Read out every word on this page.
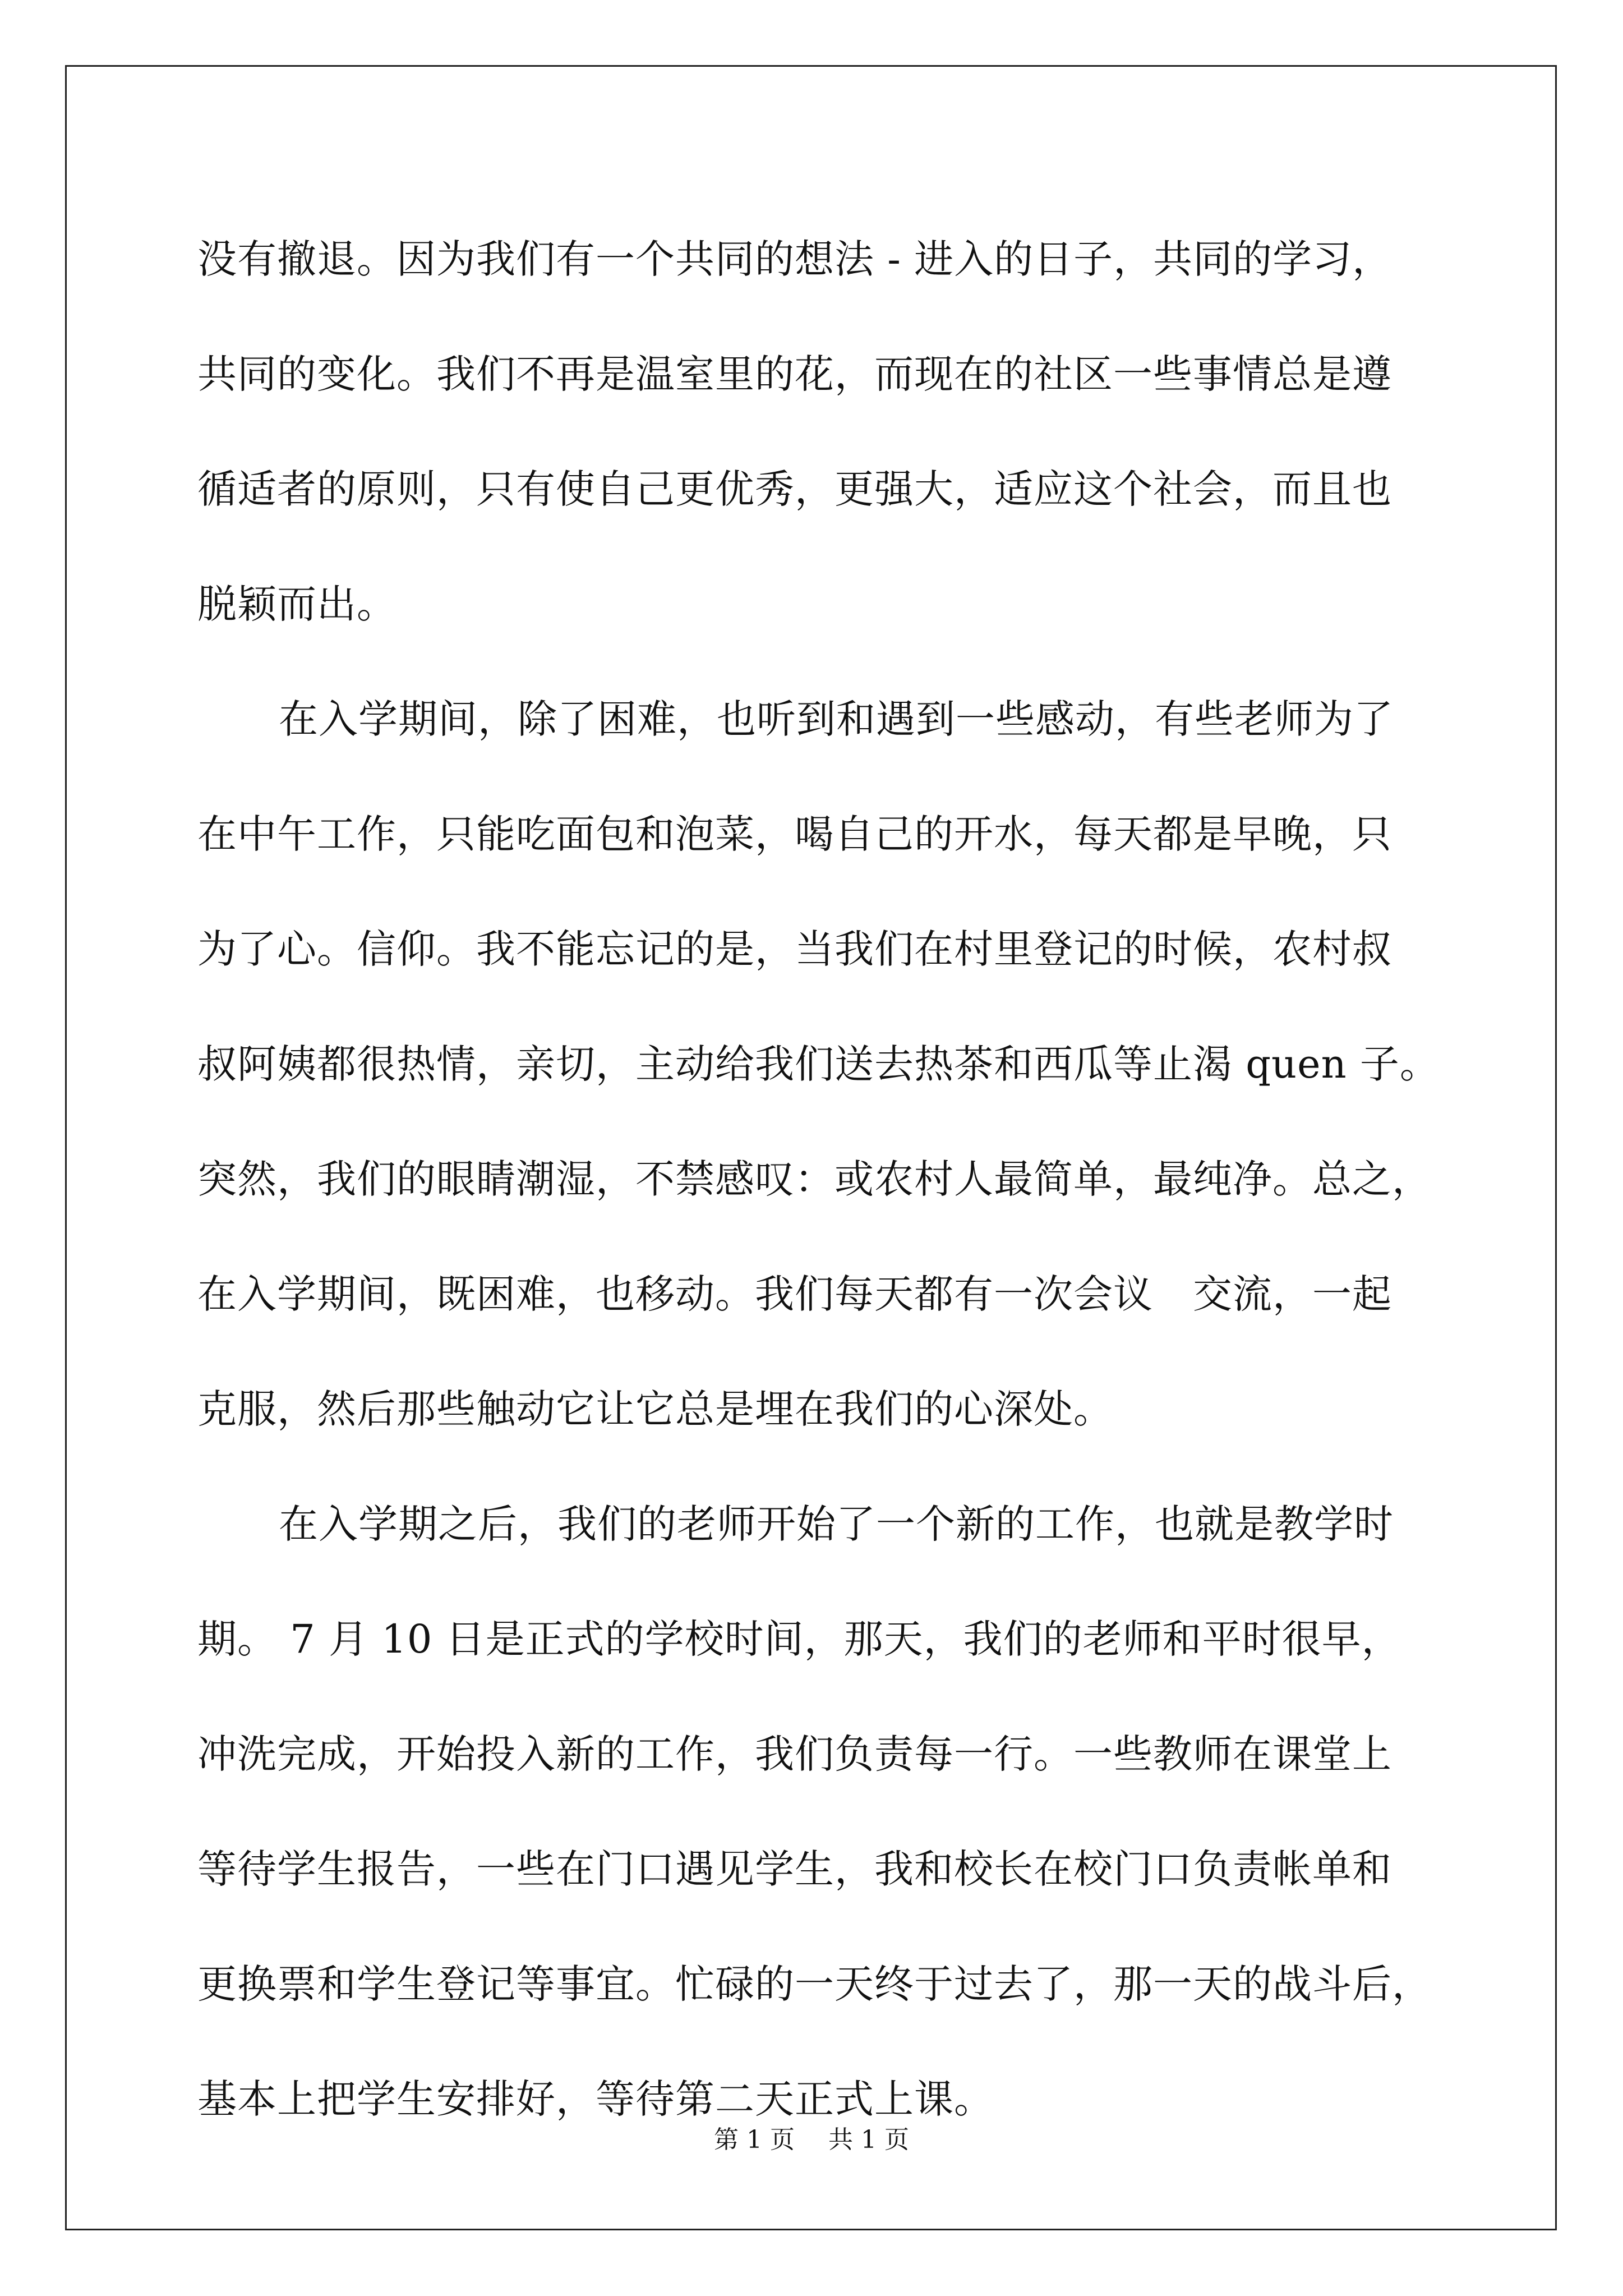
没有撤退。因为我们有一个共同的想法 - 进入的日子，共同的学习，
共同的变化。我们不再是温室里的花，而现在的社区一些事情总是遵
循适者的原则，只有使自己更优秀，更强大，适应这个社会，而且也
脱颖而出。
在入学期间，除了困难，也听到和遇到一些感动，有些老师为了
在中午工作，只能吃面包和泡菜，喝自己的开水，每天都是早晚，只
为了心。信仰。我不能忘记的是，当我们在村里登记的时候，农村叔
叔阿姨都很热情，亲切，主动给我们送去热茶和西瓜等止渴 quen 子。
突然，我们的眼睛潮湿，不禁感叹：或农村人最简单，最纯净。总之，
在入学期间，既困难，也移动。我们每天都有一次会议　交流，一起
克服，然后那些触动它让它总是埋在我们的心深处。
在入学期之后，我们的老师开始了一个新的工作，也就是教学时
期。 7 月 10 日是正式的学校时间，那天，我们的老师和平时很早，
冲洗完成，开始投入新的工作，我们负责每一行。一些教师在课堂上
等待学生报告，一些在门口遇见学生，我和校长在校门口负责帐单和
更换票和学生登记等事宜。忙碌的一天终于过去了，那一天的战斗后，
基本上把学生安排好，等待第二天正式上课。
第 1 页 共 1 页
